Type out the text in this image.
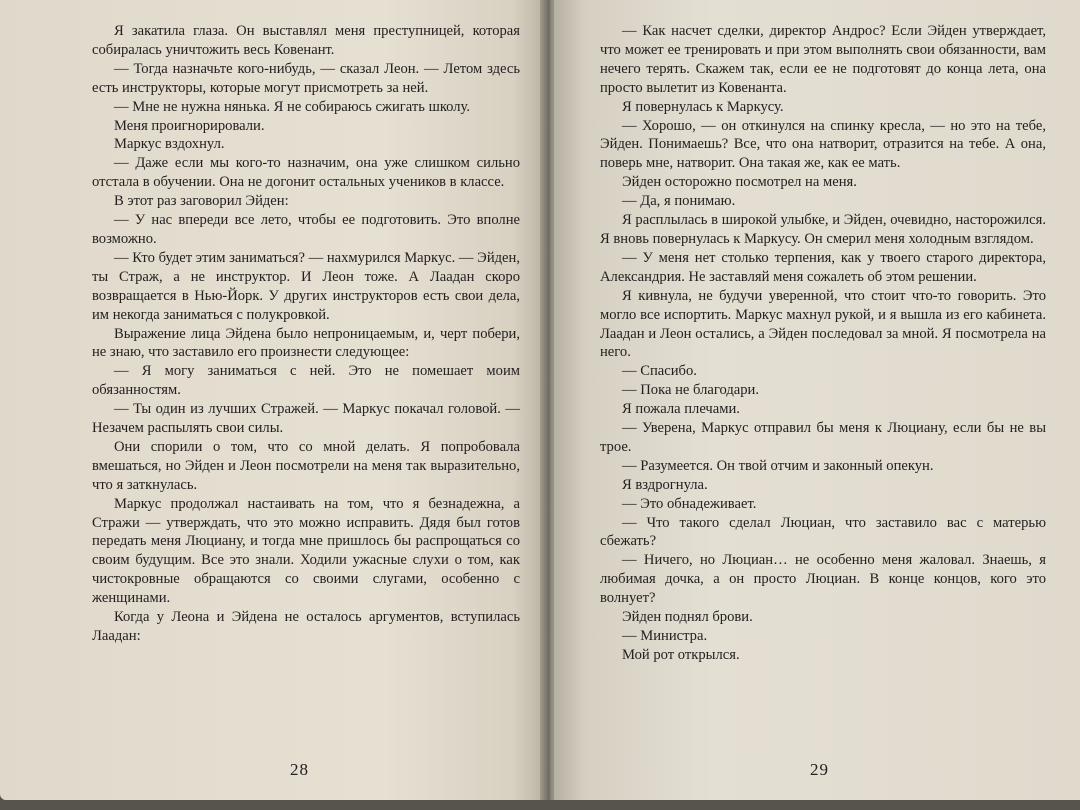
Я закатила глаза. Он выставлял меня преступницей, которая собиралась уничтожить весь Ковенант.

— Тогда назначьте кого-нибудь, — сказал Леон. — Летом здесь есть инструкторы, которые могут присмотреть за ней.

— Мне не нужна нянька. Я не собираюсь сжигать школу.

Меня проигнорировали.

Маркус вздохнул.

— Даже если мы кого-то назначим, она уже слишком сильно отстала в обучении. Она не догонит остальных учеников в классе.

В этот раз заговорил Эйден:

— У нас впереди все лето, чтобы ее подготовить. Это вполне возможно.

— Кто будет этим заниматься? — нахмурился Маркус. — Эйден, ты Страж, а не инструктор. И Леон тоже. А Лаадан скоро возвращается в Нью-Йорк. У других инструкторов есть свои дела, им некогда заниматься с полукровкой.

Выражение лица Эйдена было непроницаемым, и, черт побери, не знаю, что заставило его произнести следующее:

— Я могу заниматься с ней. Это не помешает моим обязанностям.

— Ты один из лучших Стражей. — Маркус покачал головой. — Незачем распылять свои силы.

Они спорили о том, что со мной делать. Я попробовала вмешаться, но Эйден и Леон посмотрели на меня так выразительно, что я заткнулась.

Маркус продолжал настаивать на том, что я безнадежна, а Стражи — утверждать, что это можно исправить. Дядя был готов передать меня Люциану, и тогда мне пришлось бы распрощаться со своим будущим. Все это знали. Ходили ужасные слухи о том, как чистокровные обращаются со своими слугами, особенно с женщинами.

Когда у Леона и Эйдена не осталось аргументов, вступилась Лаадан:

28

— Как насчет сделки, директор Андрос? Если Эйден утверждает, что может ее тренировать и при этом выполнять свои обязанности, вам нечего терять. Скажем так, если ее не подготовят до конца лета, она просто вылетит из Ковенанта.

Я повернулась к Маркусу.

— Хорошо, — он откинулся на спинку кресла, — но это на тебе, Эйден. Понимаешь? Все, что она натворит, отразится на тебе. А она, поверь мне, натворит. Она такая же, как ее мать.

Эйден осторожно посмотрел на меня.

— Да, я понимаю.

Я расплылась в широкой улыбке, и Эйден, очевидно, насторожился. Я вновь повернулась к Маркусу. Он смерил меня холодным взглядом.

— У меня нет столько терпения, как у твоего старого директора, Александрия. Не заставляй меня сожалеть об этом решении.

Я кивнула, не будучи уверенной, что стоит что-то говорить. Это могло все испортить. Маркус махнул рукой, и я вышла из его кабинета. Лаадан и Леон остались, а Эйден последовал за мной. Я посмотрела на него.

— Спасибо.

— Пока не благодари.

Я пожала плечами.

— Уверена, Маркус отправил бы меня к Люциану, если бы не вы трое.

— Разумеется. Он твой отчим и законный опекун.

Я вздрогнула.

— Это обнадеживает.

— Что такого сделал Люциан, что заставило вас с матерью сбежать?

— Ничего, но Люциан… не особенно меня жаловал. Знаешь, я любимая дочка, а он просто Люциан. В конце концов, кого это волнует?

Эйден поднял брови.

— Министра.

Мой рот открылся.

29
